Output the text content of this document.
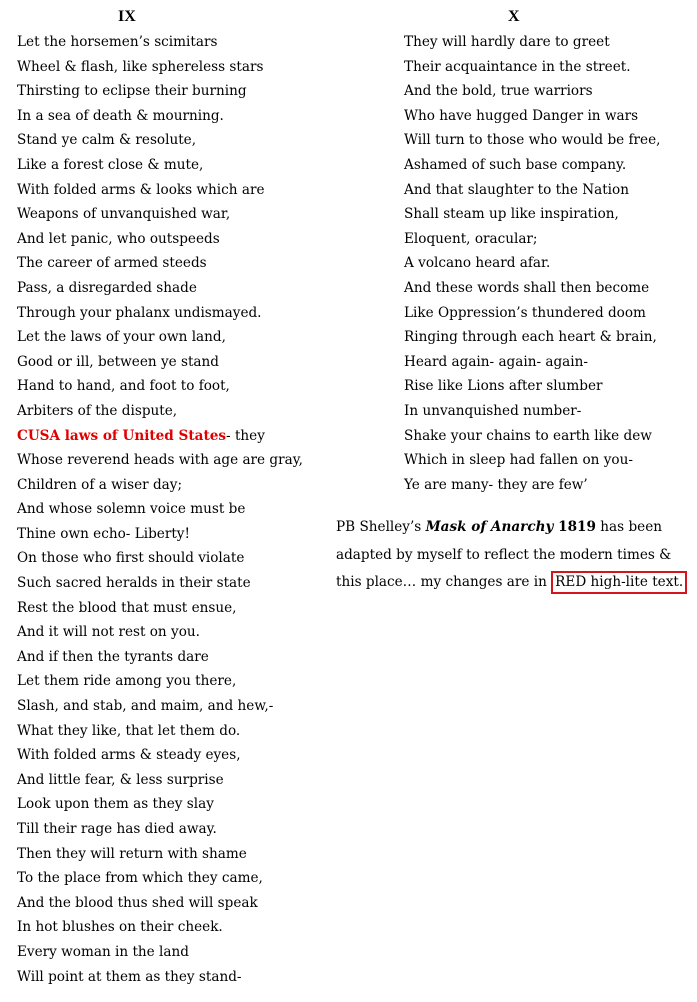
IX	X
Let the horsemen’s scimitars
Wheel & flash, like sphereless stars
Thirsting to eclipse their burning
In a sea of death & mourning.
Stand ye calm & resolute,
Like a forest close & mute,
With folded arms & looks which are
Weapons of unvanquished war,
And let panic, who outspeeds
The career of armed steeds
Pass, a disregarded shade
Through your phalanx undismayed.
Let the laws of your own land,
Good or ill, between ye stand
Hand to hand, and foot to foot,
Arbiters of the dispute,
CUSA laws of United States- they
Whose reverend heads with age are gray,
Children of a wiser day;
And whose solemn voice must be
Thine own echo- Liberty!
On those who first should violate
Such sacred heralds in their state
Rest the blood that must ensue,
And it will not rest on you.
And if then the tyrants dare
Let them ride among you there,
Slash, and stab, and maim, and hew,-
What they like, that let them do.
With folded arms & steady eyes,
And little fear, & less surprise
Look upon them as they slay
Till their rage has died away.
Then they will return with shame
To the place from which they came,
And the blood thus shed will speak
In hot blushes on their cheek.
Every woman in the land
Will point at them as they stand-
They will hardly dare to greet
Their acquaintance in the street.
And the bold, true warriors
Who have hugged Danger in wars
Will turn to those who would be free,
Ashamed of such base company.
And that slaughter to the Nation
Shall steam up like inspiration,
Eloquent, oracular;
A volcano heard afar.
And these words shall then become
Like Oppression’s thundered doom
Ringing through each heart & brain,
Heard again- again- again-
Rise like Lions after slumber
In unvanquished number-
Shake your chains to earth like dew
Which in sleep had fallen on you-
Ye are many- they are few’
PB Shelley’s Mask of Anarchy 1819 has been
adapted by myself to reflect the modern times &
this place… my changes are in RED high-lite text.
